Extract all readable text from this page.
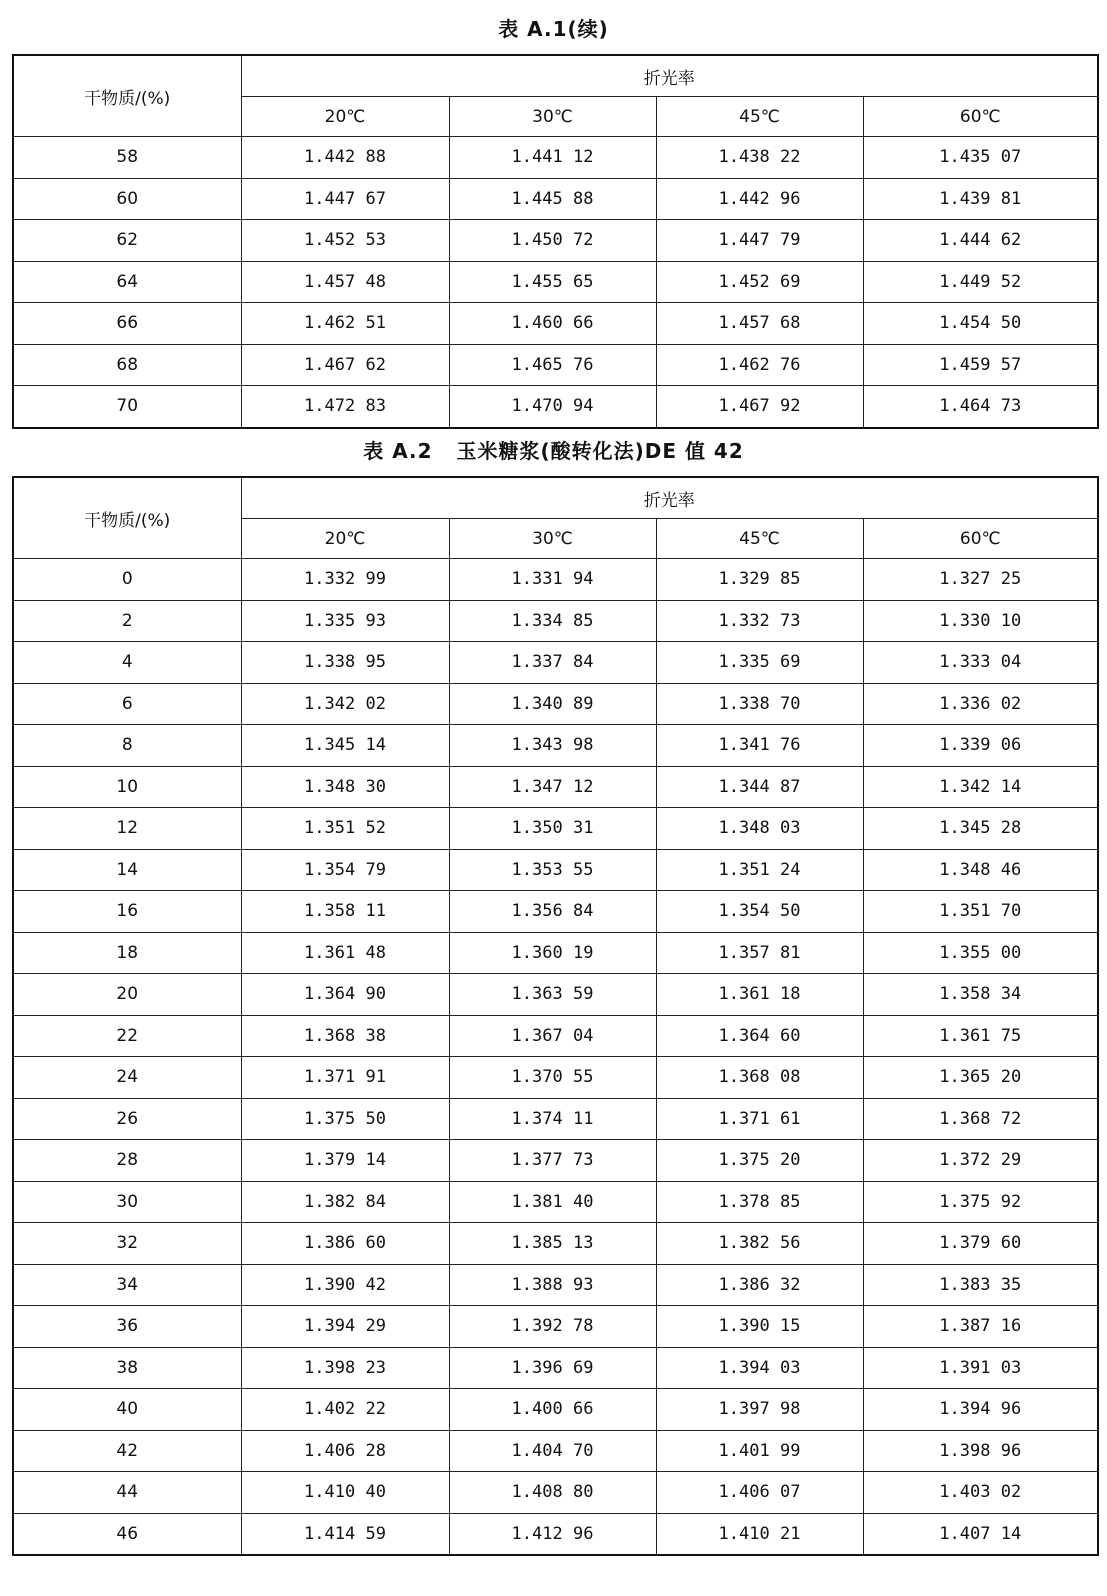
表 A.1(续)
干物质/(%)	折光率			
	20℃	30℃	45℃	60℃
58	1.442 88	1.441 12	1.438 22	1.435 07
60	1.447 67	1.445 88	1.442 96	1.439 81
62	1.452 53	1.450 72	1.447 79	1.444 62
64	1.457 48	1.455 65	1.452 69	1.449 52
66	1.462 51	1.460 66	1.457 68	1.454 50
68	1.467 62	1.465 76	1.462 76	1.459 57
70	1.472 83	1.470 94	1.467 92	1.464 73
表 A.2   玉米糖浆(酸转化法)DE 值 42
干物质/(%)	折光率			
	20℃	30℃	45℃	60℃
0	1.332 99	1.331 94	1.329 85	1.327 25
2	1.335 93	1.334 85	1.332 73	1.330 10
4	1.338 95	1.337 84	1.335 69	1.333 04
6	1.342 02	1.340 89	1.338 70	1.336 02
8	1.345 14	1.343 98	1.341 76	1.339 06
10	1.348 30	1.347 12	1.344 87	1.342 14
12	1.351 52	1.350 31	1.348 03	1.345 28
14	1.354 79	1.353 55	1.351 24	1.348 46
16	1.358 11	1.356 84	1.354 50	1.351 70
18	1.361 48	1.360 19	1.357 81	1.355 00
20	1.364 90	1.363 59	1.361 18	1.358 34
22	1.368 38	1.367 04	1.364 60	1.361 75
24	1.371 91	1.370 55	1.368 08	1.365 20
26	1.375 50	1.374 11	1.371 61	1.368 72
28	1.379 14	1.377 73	1.375 20	1.372 29
30	1.382 84	1.381 40	1.378 85	1.375 92
32	1.386 60	1.385 13	1.382 56	1.379 60
34	1.390 42	1.388 93	1.386 32	1.383 35
36	1.394 29	1.392 78	1.390 15	1.387 16
38	1.398 23	1.396 69	1.394 03	1.391 03
40	1.402 22	1.400 66	1.397 98	1.394 96
42	1.406 28	1.404 70	1.401 99	1.398 96
44	1.410 40	1.408 80	1.406 07	1.403 02
46	1.414 59	1.412 96	1.410 21	1.407 14
